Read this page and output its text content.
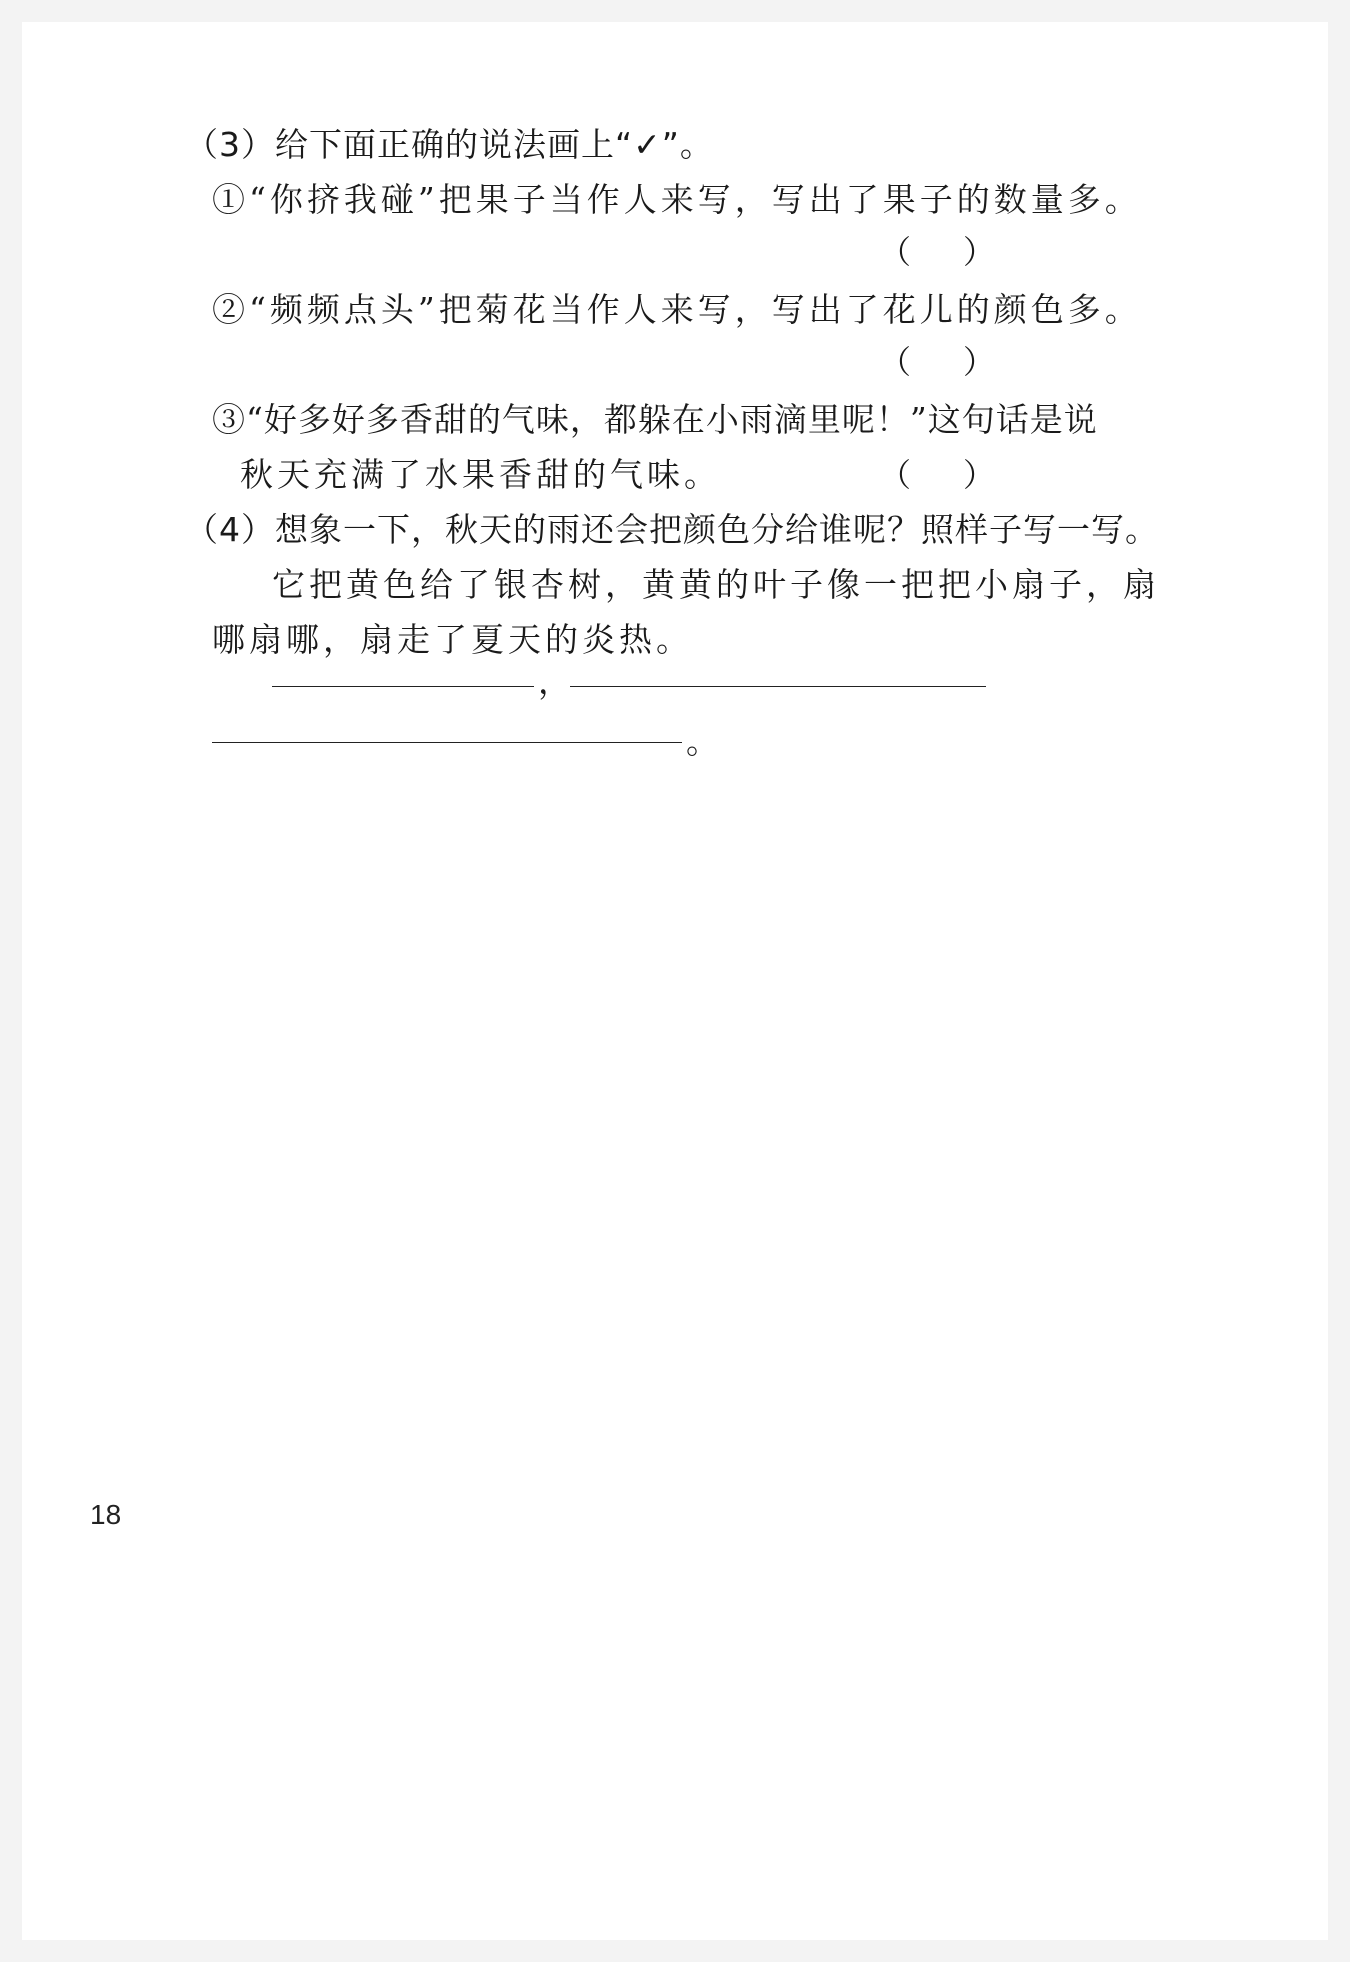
（3）给下面正确的说法画上“✓”。
①“你挤我碰”把果子当作人来写，写出了果子的数量多。
（ ）
②“频频点头”把菊花当作人来写，写出了花儿的颜色多。
（ ）
③“好多好多香甜的气味，都躲在小雨滴里呢！”这句话是说
秋天充满了水果香甜的气味。	（ ）
（4）想象一下，秋天的雨还会把颜色分给谁呢？照样子写一写。
它把黄色给了银杏树，黄黄的叶子像一把把小扇子，扇
哪扇哪，扇走了夏天的炎热。
，
。
18
